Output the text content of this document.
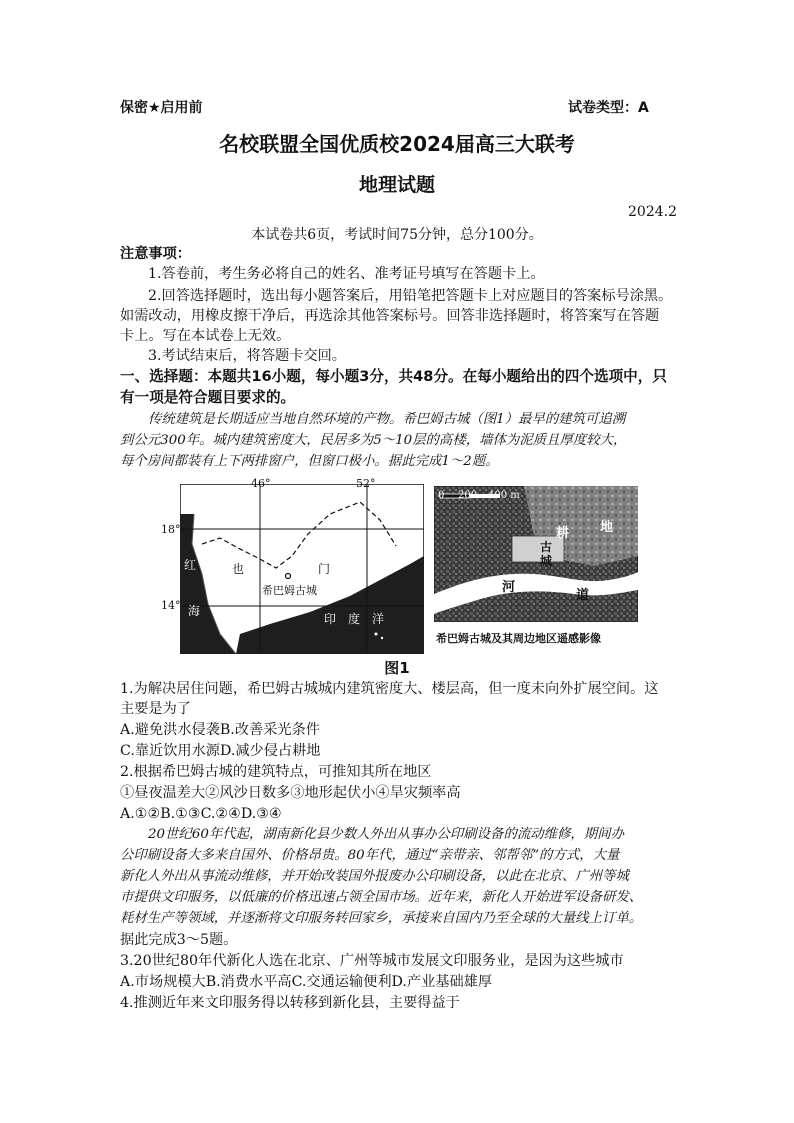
保密★启用前	试卷类型：A
名校联盟全国优质校2024届高三大联考
地理试题
2024.2
本试卷共6页，考试时间75分钟，总分100分。
注意事项：
1.答卷前，考生务必将自己的姓名、准考证号填写在答题卡上。
2.回答选择题时，选出每小题答案后，用铅笔把答题卡上对应题目的答案标号涂黑。
如需改动，用橡皮擦干净后，再选涂其他答案标号。回答非选择题时，将答案写在答题
卡上。写在本试卷上无效。
3.考试结束后，将答题卡交回。
一、选择题：本题共16小题，每小题3分，共48分。在每小题给出的四个选项中，只
有一项是符合题目要求的。
传统建筑是长期适应当地自然环境的产物。希巴姆古城（图1）最早的建筑可追溯
到公元300年。城内建筑密度大，民居多为5～10层的高楼，墙体为泥质且厚度较大，
每个房间都装有上下两排窗户，但窗口极小。据此完成1～2题。
46°	52°
18°
14°
红
海
也	门
希巴姆古城
印　度　洋
0 200 400 m
耕 地
古
城
河
道
希巴姆古城及其周边地区遥感影像
图1
1.为解决居住问题，希巴姆古城城内建筑密度大、楼层高，但一度未向外扩展空间。这
主要是为了
A.避免洪水侵袭B.改善采光条件
C.靠近饮用水源D.减少侵占耕地
2.根据希巴姆古城的建筑特点，可推知其所在地区
①昼夜温差大②风沙日数多③地形起伏小④旱灾频率高
A.①②B.①③C.②④D.③④
20世纪60年代起，湖南新化县少数人外出从事办公印刷设备的流动维修，期间办
公印刷设备大多来自国外、价格昂贵。80年代，通过“亲带亲、邻帮邻”的方式，大量
新化人外出从事流动维修，并开始改装国外报废办公印刷设备，以此在北京、广州等城
市提供文印服务，以低廉的价格迅速占领全国市场。近年来，新化人开始进军设备研发、
耗材生产等领域，并逐渐将文印服务转回家乡，承接来自国内乃至全球的大量线上订单。
据此完成3～5题。
3.20世纪80年代新化人选在北京、广州等城市发展文印服务业，是因为这些城市
A.市场规模大B.消费水平高C.交通运输便利D.产业基础雄厚
4.推测近年来文印服务得以转移到新化县，主要得益于
